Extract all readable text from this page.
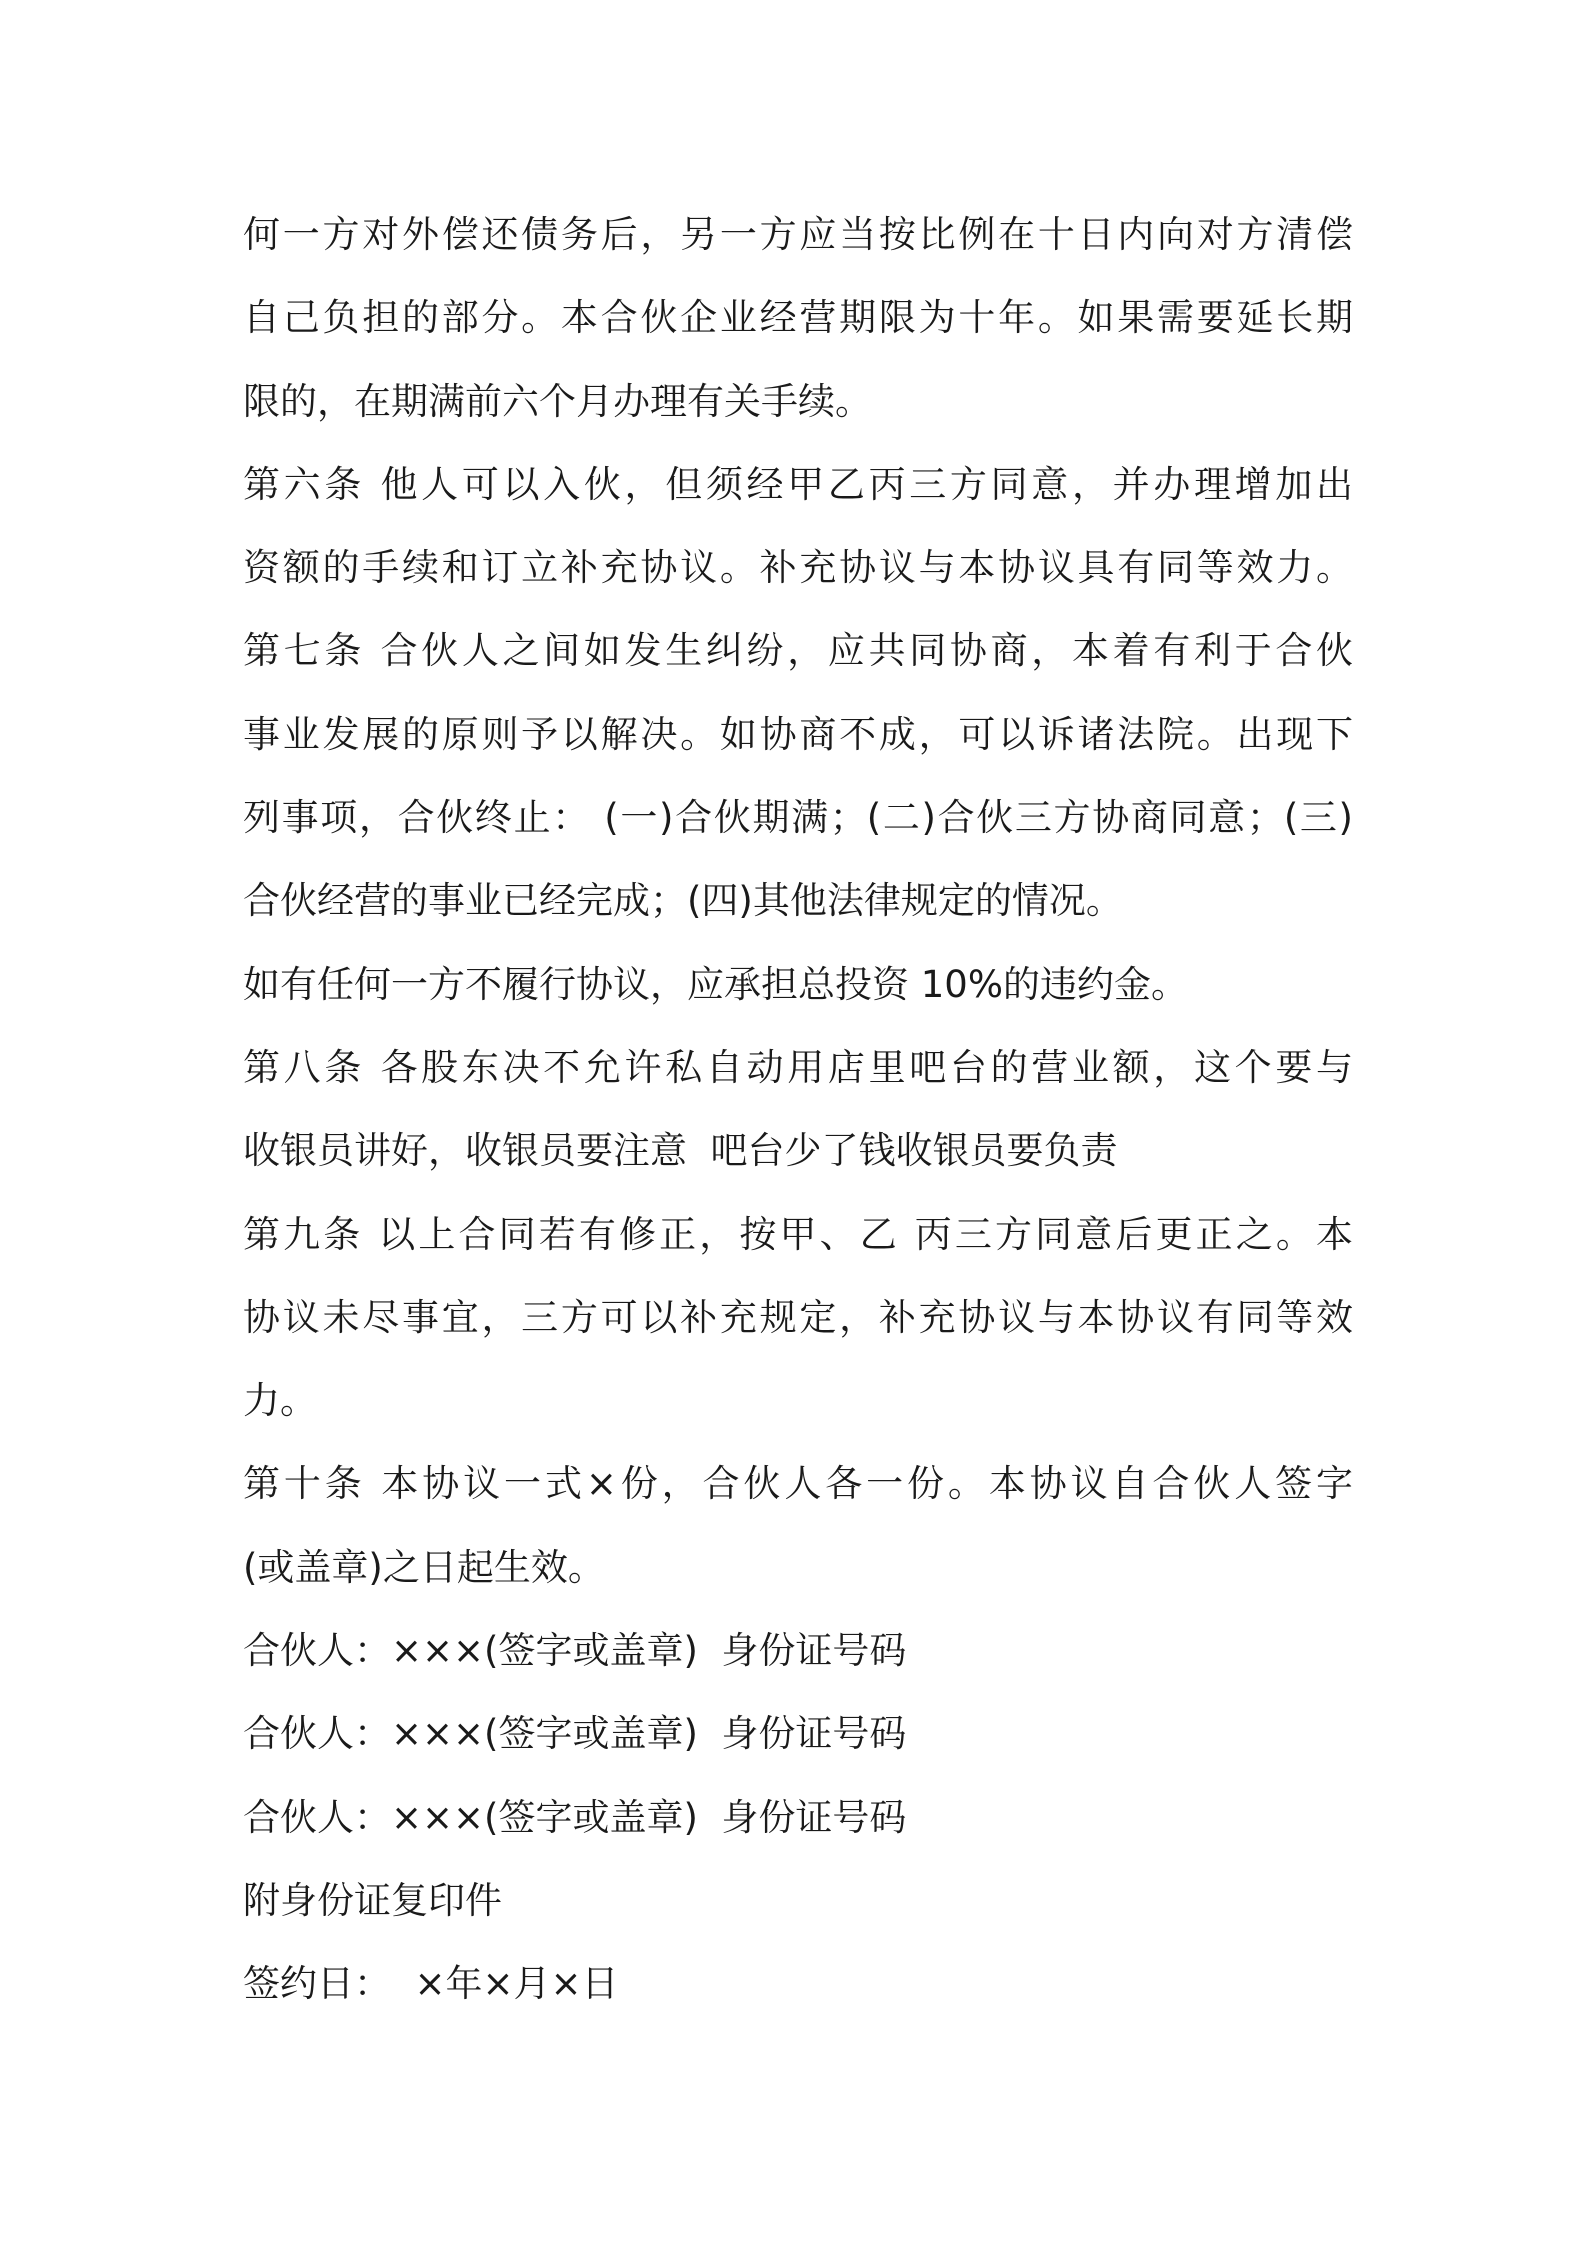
何一方对外偿还债务后，另一方应当按比例在十日内向对方清偿
自己负担的部分。本合伙企业经营期限为十年。如果需要延长期
限的，在期满前六个月办理有关手续。
第六条 他人可以入伙，但须经甲乙丙三方同意，并办理增加出
资额的手续和订立补充协议。补充协议与本协议具有同等效力。
第七条 合伙人之间如发生纠纷，应共同协商，本着有利于合伙
事业发展的原则予以解决。如协商不成，可以诉诸法院。出现下
列事项，合伙终止： (一)合伙期满；(二)合伙三方协商同意；(三)
合伙经营的事业已经完成；(四)其他法律规定的情况。
如有任何一方不履行协议，应承担总投资 10%的违约金。
第八条 各股东决不允许私自动用店里吧台的营业额，这个要与
收银员讲好，收银员要注意  吧台少了钱收银员要负责
第九条 以上合同若有修正，按甲、乙 丙三方同意后更正之。本
协议未尽事宜，三方可以补充规定，补充协议与本协议有同等效
力。
第十条 本协议一式×份，合伙人各一份。本协议自合伙人签字
(或盖章)之日起生效。
合伙人：×××(签字或盖章)  身份证号码
合伙人：×××(签字或盖章)  身份证号码
合伙人：×××(签字或盖章)  身份证号码
附身份证复印件
签约日：  ×年×月×日
